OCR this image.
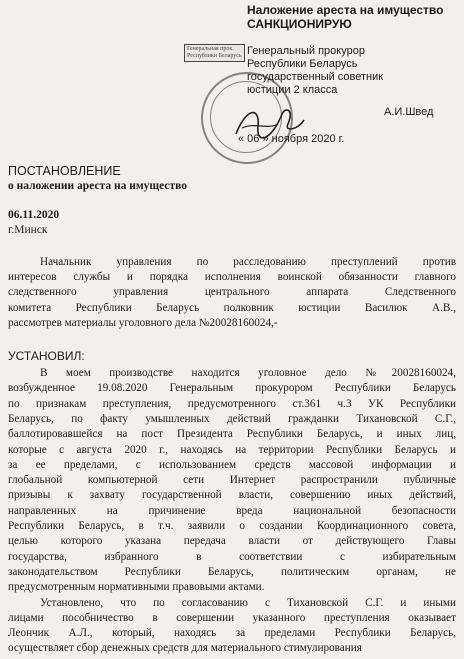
Наложение ареста на имущество
САНКЦИОНИРУЮ
Генеральная прок.
Республики Беларусь Генеральный прокурор
Республики Беларусь
государственный советник
юстиции 2 класса
А.И.Швед
« 06 » ноября 2020 г.
ПОСТАНОВЛЕНИЕ
о наложении ареста на имущество
06.11.2020
г.Минск
Начальник управления по расследованию преступлений против
интересов службы и порядка исполнения воинской обязанности главного
следственного управления центрального аппарата Следственного
комитета Республики Беларусь полковник юстиции Василюк А.В.,
рассмотрев материалы уголовного дела №20028160024,-
УСТАНОВИЛ:
В моем производстве находится уголовное дело №20028160024,
возбужденное 19.08.2020 Генеральным прокурором Республики Беларусь
по признакам преступления, предусмотренного ст.361 ч.3 УК Республики
Беларусь, по факту умышленных действий гражданки Тихановской С.Г.,
баллотировавшейся на пост Президента Республики Беларусь, и иных лиц,
которые с августа 2020 г., находясь на территории Республики Беларусь и
за ее пределами, с использованием средств массовой информации и
глобальной компьютерной сети Интернет распространили публичные
призывы к захвату государственной власти, совершению иных действий,
направленных на причинение вреда национальной безопасности
Республики Беларусь, в т.ч. заявили о создании Координационного совета,
целью которого указана передача власти от действующего Главы
государства, избранного в соответствии с избирательным
законодательством Республики Беларусь, политическим органам, не
предусмотренным нормативными правовыми актами.
Установлено, что по согласованию с Тихановской С.Г. и иными
лицами пособничество в совершении указанного преступления оказывает
Леончик А.Л., который, находясь за пределами Республики Беларусь,
осуществляет сбор денежных средств для материального стимулирования
